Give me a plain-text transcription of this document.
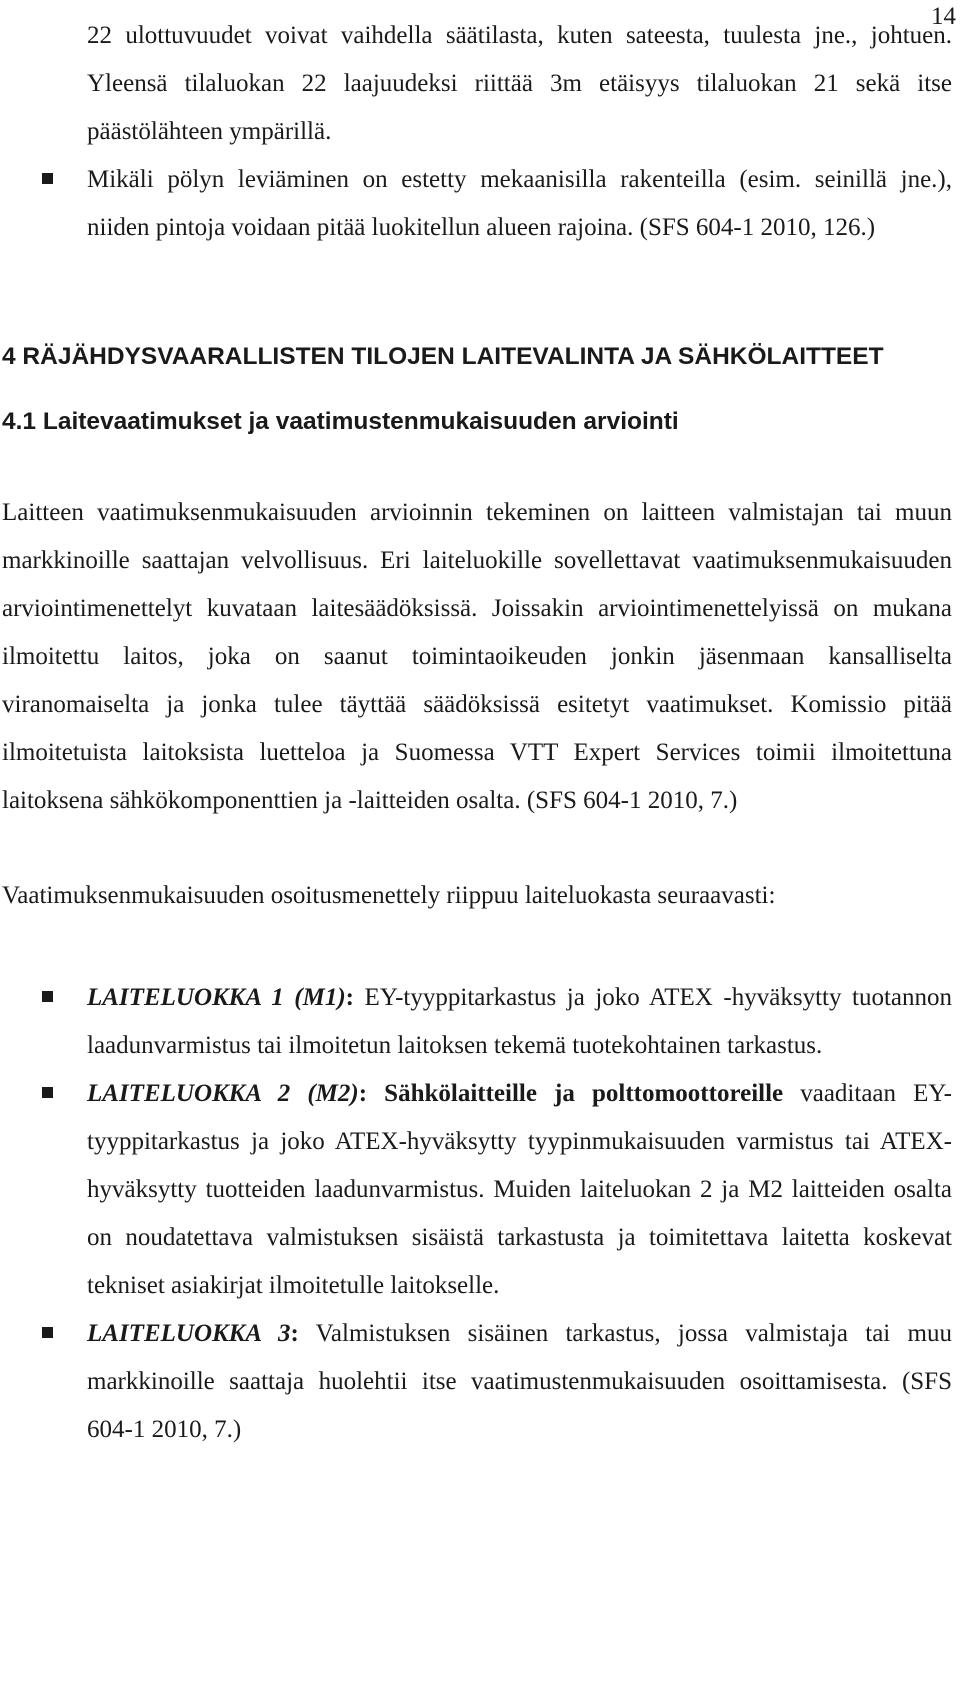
14

22 ulottuvuudet voivat vaihdella säätilasta, kuten sateesta, tuulesta jne., johtuen. Yleensä tilaluokan 22 laajuudeksi riittää 3m etäisyys tilaluokan 21 sekä itse päästölähteen ympärillä.

Mikäli pölyn leviäminen on estetty mekaanisilla rakenteilla (esim. seinillä jne.), niiden pintoja voidaan pitää luokitellun alueen rajoina. (SFS 604-1 2010, 126.)
4 RÄJÄHDYSVAARALLISTEN TILOJEN LAITEVALINTA JA SÄHKÖLAITTEET
4.1 Laitevaatimukset ja vaatimustenmukaisuuden arviointi

Laitteen vaatimuksenmukaisuuden arvioinnin tekeminen on laitteen valmistajan tai muun markkinoille saattajan velvollisuus. Eri laiteluokille sovellettavat vaatimuksenmukaisuuden arviointimenettelyt kuvataan laitesäädöksissä. Joissakin arviointimenettelyissä on mukana ilmoitettu laitos, joka on saanut toimintaoikeuden jonkin jäsenmaan kansalliselta viranomaiselta ja jonka tulee täyttää säädöksissä esitetyt vaatimukset. Komissio pitää ilmoitetuista laitoksista luetteloa ja Suomessa VTT Expert Services toimii ilmoitettuna laitoksena sähkökomponenttien ja -laitteiden osalta. (SFS 604-1 2010, 7.)

Vaatimuksenmukaisuuden osoitusmenettely riippuu laiteluokasta seuraavasti:

LAITELUOKKA 1 (M1): EY-tyyppitarkastus ja joko ATEX -hyväksytty tuotannon laadunvarmistus tai ilmoitetun laitoksen tekemä tuotekohtainen tarkastus.
LAITELUOKKA 2 (M2): Sähkölaitteille ja polttomoottoreille vaaditaan EY-tyyppitarkastus ja joko ATEX-hyväksytty tyypinmukaisuuden varmistus tai ATEX-hyväksytty tuotteiden laadunvarmistus. Muiden laiteluokan 2 ja M2 laitteiden osalta on noudatettava valmistuksen sisäistä tarkastusta ja toimitettava laitetta koskevat tekniset asiakirjat ilmoitetulle laitokselle.
LAITELUOKKA 3: Valmistuksen sisäinen tarkastus, jossa valmistaja tai muu markkinoille saattaja huolehtii itse vaatimustenmukaisuuden osoittamisesta. (SFS 604-1 2010, 7.)
